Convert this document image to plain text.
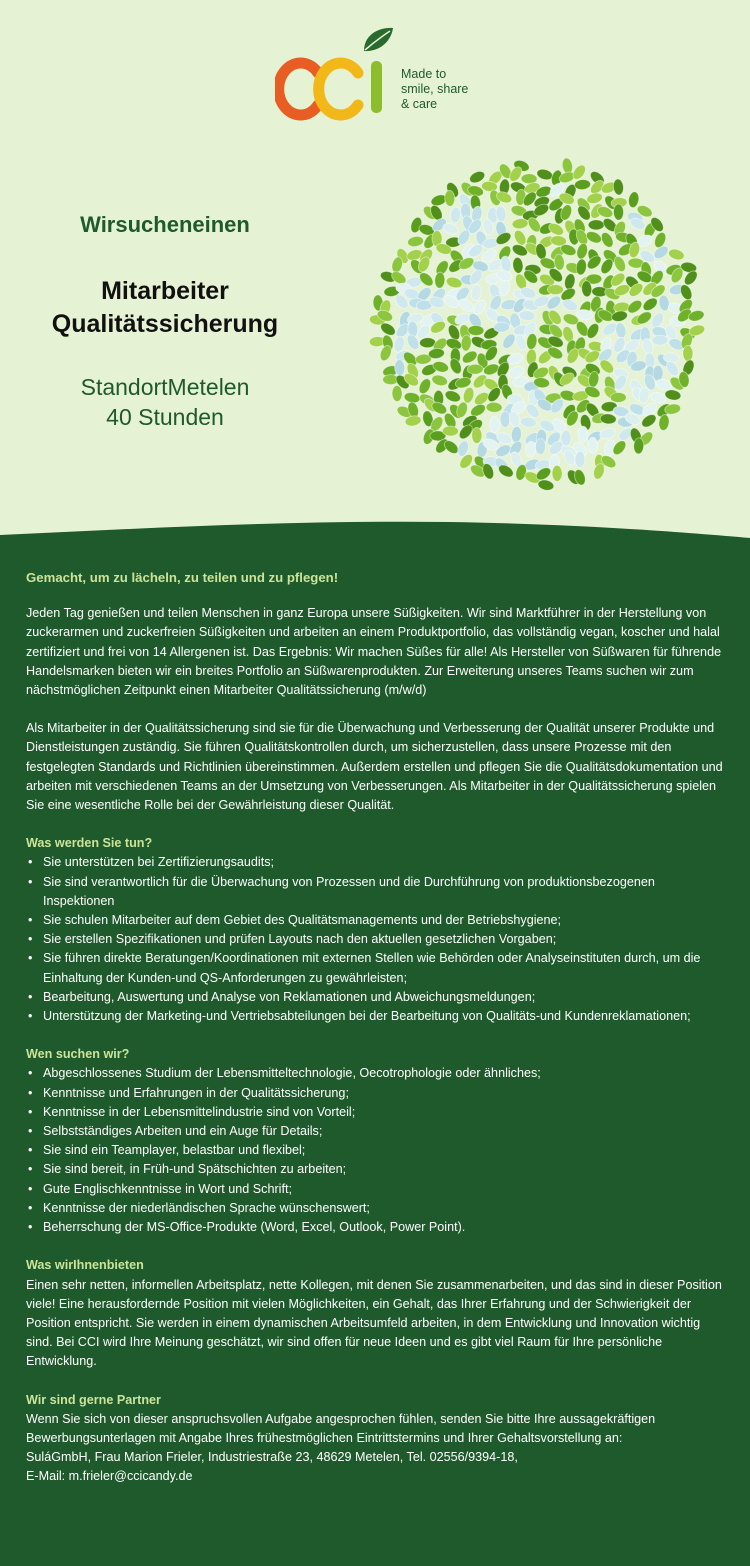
Made to
smile, share
& care
Wirsucheneinen
Mitarbeiter
Qualitätssicherung
StandortMetelen
40 Stunden

Gemacht, um zu lächeln, zu teilen und zu pflegen!

Jeden Tag genießen und teilen Menschen in ganz Europa unsere Süßigkeiten. Wir sind Marktführer in der Herstellung von zuckerarmen und zuckerfreien Süßigkeiten und arbeiten an einem Produktportfolio, das vollständig vegan, koscher und halal zertifiziert und frei von 14 Allergenen ist. Das Ergebnis: Wir machen Süßes für alle! Als Hersteller von Süßwaren für führende Handelsmarken bieten wir ein breites Portfolio an Süßwarenprodukten. Zur Erweiterung unseres Teams suchen wir zum nächstmöglichen Zeitpunkt einen Mitarbeiter Qualitätssicherung (m/w/d)

Als Mitarbeiter in der Qualitätssicherung sind sie für die Überwachung und Verbesserung der Qualität unserer Produkte und Dienstleistungen zuständig. Sie führen Qualitätskontrollen durch, um sicherzustellen, dass unsere Prozesse mit den festgelegten Standards und Richtlinien übereinstimmen. Außerdem erstellen und pflegen Sie die Qualitätsdokumentation und arbeiten mit verschiedenen Teams an der Umsetzung von Verbesserungen. Als Mitarbeiter in der Qualitätssicherung spielen Sie eine wesentliche Rolle bei der Gewährleistung dieser Qualität.

Was werden Sie tun?
• Sie unterstützen bei Zertifizierungsaudits;
• Sie sind verantwortlich für die Überwachung von Prozessen und die Durchführung von produktionsbezogenen Inspektionen
• Sie schulen Mitarbeiter auf dem Gebiet des Qualitätsmanagements und der Betriebshygiene;
• Sie erstellen Spezifikationen und prüfen Layouts nach den aktuellen gesetzlichen Vorgaben;
• Sie führen direkte Beratungen/Koordinationen mit externen Stellen wie Behörden oder Analyseinstituten durch, um die Einhaltung der Kunden-und QS-Anforderungen zu gewährleisten;
• Bearbeitung, Auswertung und Analyse von Reklamationen und Abweichungsmeldungen;
• Unterstützung der Marketing-und Vertriebsabteilungen bei der Bearbeitung von Qualitäts-und Kundenreklamationen;
Wen suchen wir?
• Abgeschlossenes Studium der Lebensmitteltechnologie, Oecotrophologie oder ähnliches;
• Kenntnisse und Erfahrungen in der Qualitätssicherung;
• Kenntnisse in der Lebensmittelindustrie sind von Vorteil;
• Selbstständiges Arbeiten und ein Auge für Details;
• Sie sind ein Teamplayer, belastbar und flexibel;
• Sie sind bereit, in Früh-und Spätschichten zu arbeiten;
• Gute Englischkenntnisse in Wort und Schrift;
• Kenntnisse der niederländischen Sprache wünschenswert;
• Beherrschung der MS-Office-Produkte (Word, Excel, Outlook, Power Point).
Was wirIhnenbieten

Einen sehr netten, informellen Arbeitsplatz, nette Kollegen, mit denen Sie zusammenarbeiten, und das sind in dieser Position viele! Eine herausfordernde Position mit vielen Möglichkeiten, ein Gehalt, das Ihrer Erfahrung und der Schwierigkeit der Position entspricht. Sie werden in einem dynamischen Arbeitsumfeld arbeiten, in dem Entwicklung und Innovation wichtig sind. Bei CCI wird Ihre Meinung geschätzt, wir sind offen für neue Ideen und es gibt viel Raum für Ihre persönliche Entwicklung.

Wir sind gerne Partner

Wenn Sie sich von dieser anspruchsvollen Aufgabe angesprochen fühlen, senden Sie bitte Ihre aussagekräftigen Bewerbungsunterlagen mit Angabe Ihres frühestmöglichen Eintrittstermins und Ihrer Gehaltsvorstellung an:
SuláGmbH, Frau Marion Frieler, Industriestraße 23, 48629 Metelen, Tel. 02556/9394-18,
E-Mail: m.frieler@ccicandy.de
